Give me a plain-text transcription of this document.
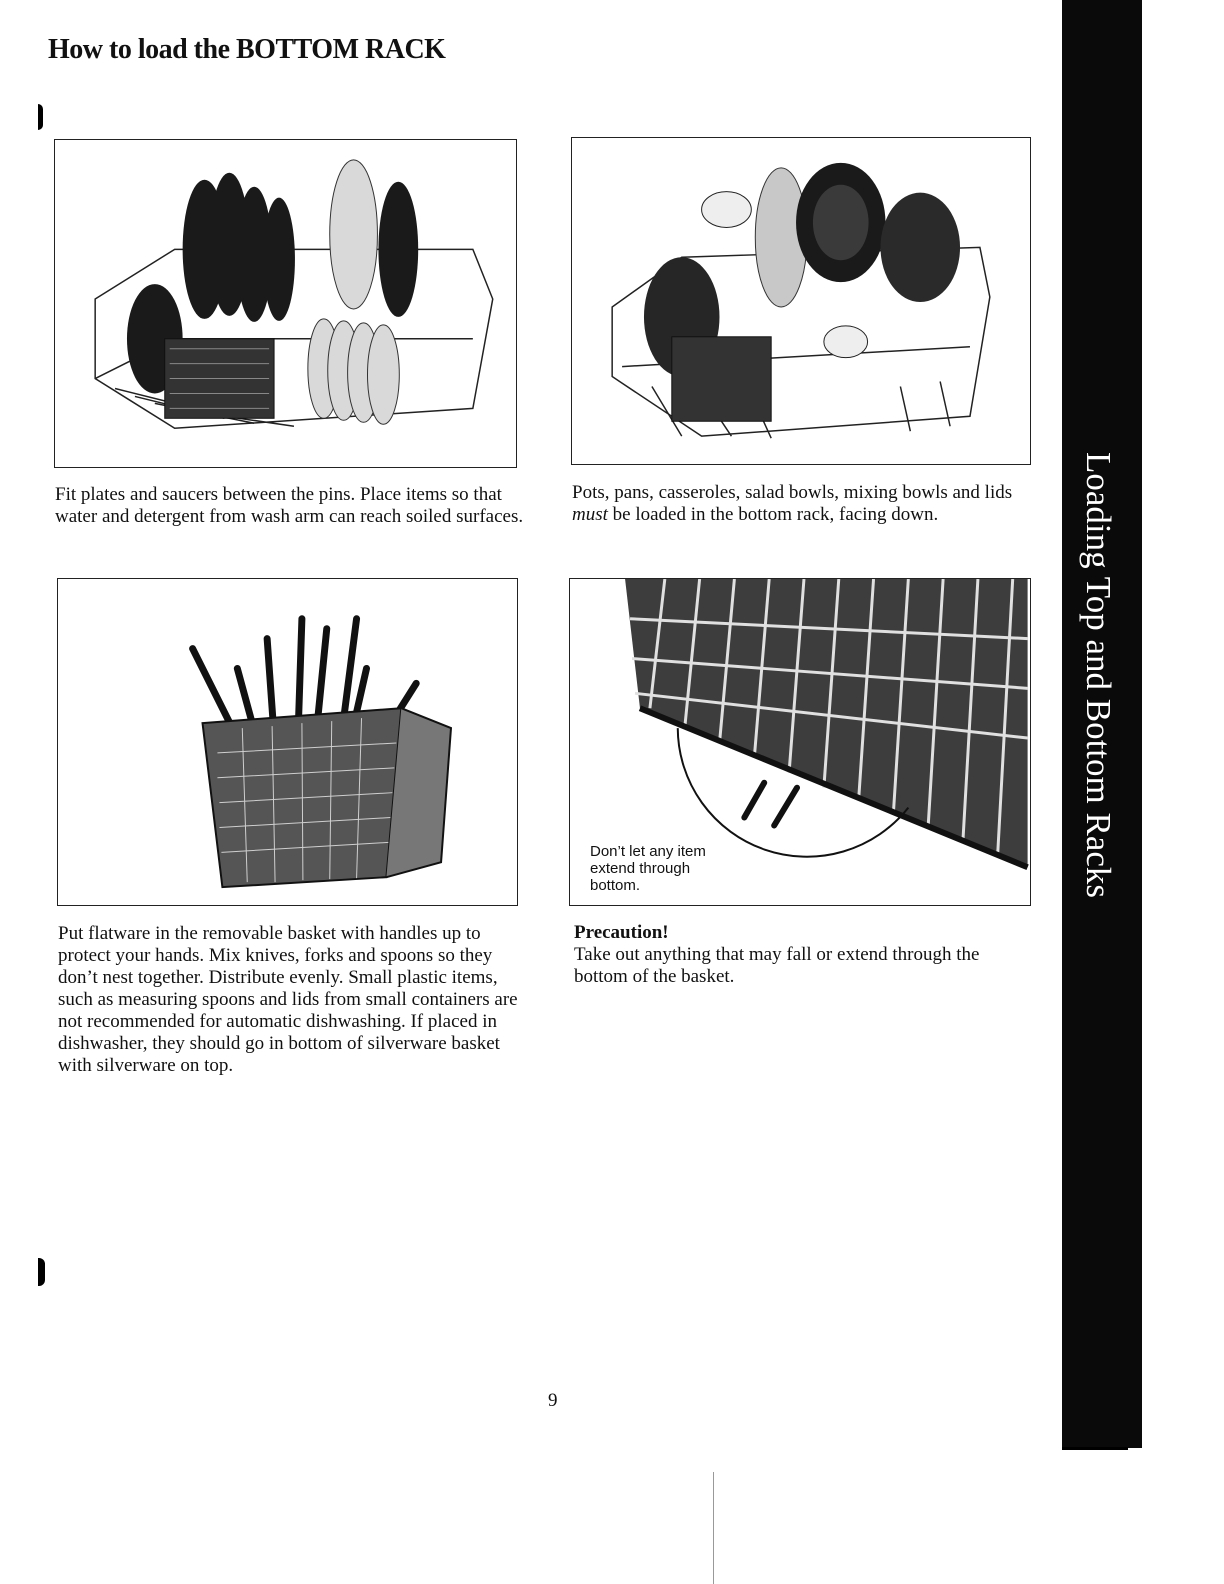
How to load the BOTTOM RACK

Fit plates and saucers between the pins. Place items so that water and detergent from wash arm can reach soiled surfaces.

Pots, pans, casseroles, salad bowls, mixing bowls and lids must be loaded in the bottom rack, facing down.

Put flatware in the removable basket with handles up to protect your hands. Mix knives, forks and spoons so they don’t nest together. Distribute evenly. Small plastic items, such as measuring spoons and lids from small containers are not recommended for automatic dishwashing. If placed in dishwasher, they should go in bottom of silverware basket with silverware on top.

Don’t let any item extend through bottom.

Precaution!

Take out anything that may fall or extend through the bottom of the basket.

Loading Top and Bottom Racks
9
